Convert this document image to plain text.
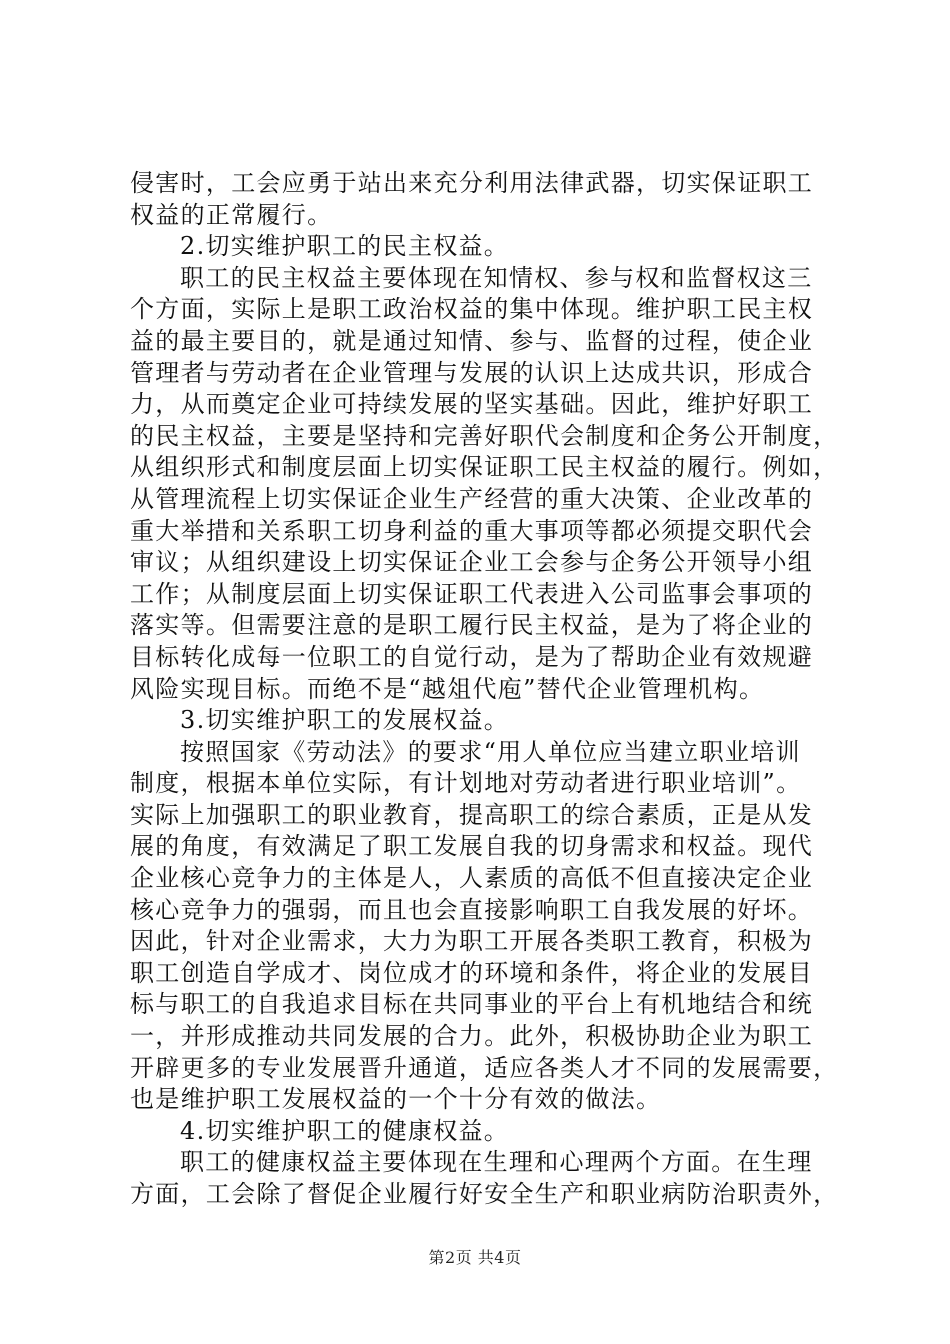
侵害时，工会应勇于站出来充分利用法律武器，切实保证职工
权益的正常履行。
2.切实维护职工的民主权益。
职工的民主权益主要体现在知情权、参与权和监督权这三
个方面，实际上是职工政治权益的集中体现。维护职工民主权
益的最主要目的，就是通过知情、参与、监督的过程，使企业
管理者与劳动者在企业管理与发展的认识上达成共识，形成合
力，从而奠定企业可持续发展的坚实基础。因此，维护好职工
的民主权益，主要是坚持和完善好职代会制度和企务公开制度，
从组织形式和制度层面上切实保证职工民主权益的履行。例如，
从管理流程上切实保证企业生产经营的重大决策、企业改革的
重大举措和关系职工切身利益的重大事项等都必须提交职代会
审议；从组织建设上切实保证企业工会参与企务公开领导小组
工作；从制度层面上切实保证职工代表进入公司监事会事项的
落实等。但需要注意的是职工履行民主权益，是为了将企业的
目标转化成每一位职工的自觉行动，是为了帮助企业有效规避
风险实现目标。而绝不是“越俎代庖”替代企业管理机构。
3.切实维护职工的发展权益。
按照国家《劳动法》的要求“用人单位应当建立职业培训
制度，根据本单位实际，有计划地对劳动者进行职业培训”。
实际上加强职工的职业教育，提高职工的综合素质，正是从发
展的角度，有效满足了职工发展自我的切身需求和权益。现代
企业核心竞争力的主体是人，人素质的高低不但直接决定企业
核心竞争力的强弱，而且也会直接影响职工自我发展的好坏。
因此，针对企业需求，大力为职工开展各类职工教育，积极为
职工创造自学成才、岗位成才的环境和条件，将企业的发展目
标与职工的自我追求目标在共同事业的平台上有机地结合和统
一，并形成推动共同发展的合力。此外，积极协助企业为职工
开辟更多的专业发展晋升通道，适应各类人才不同的发展需要，
也是维护职工发展权益的一个十分有效的做法。
4.切实维护职工的健康权益。
职工的健康权益主要体现在生理和心理两个方面。在生理
方面，工会除了督促企业履行好安全生产和职业病防治职责外，
第2页 共4页
